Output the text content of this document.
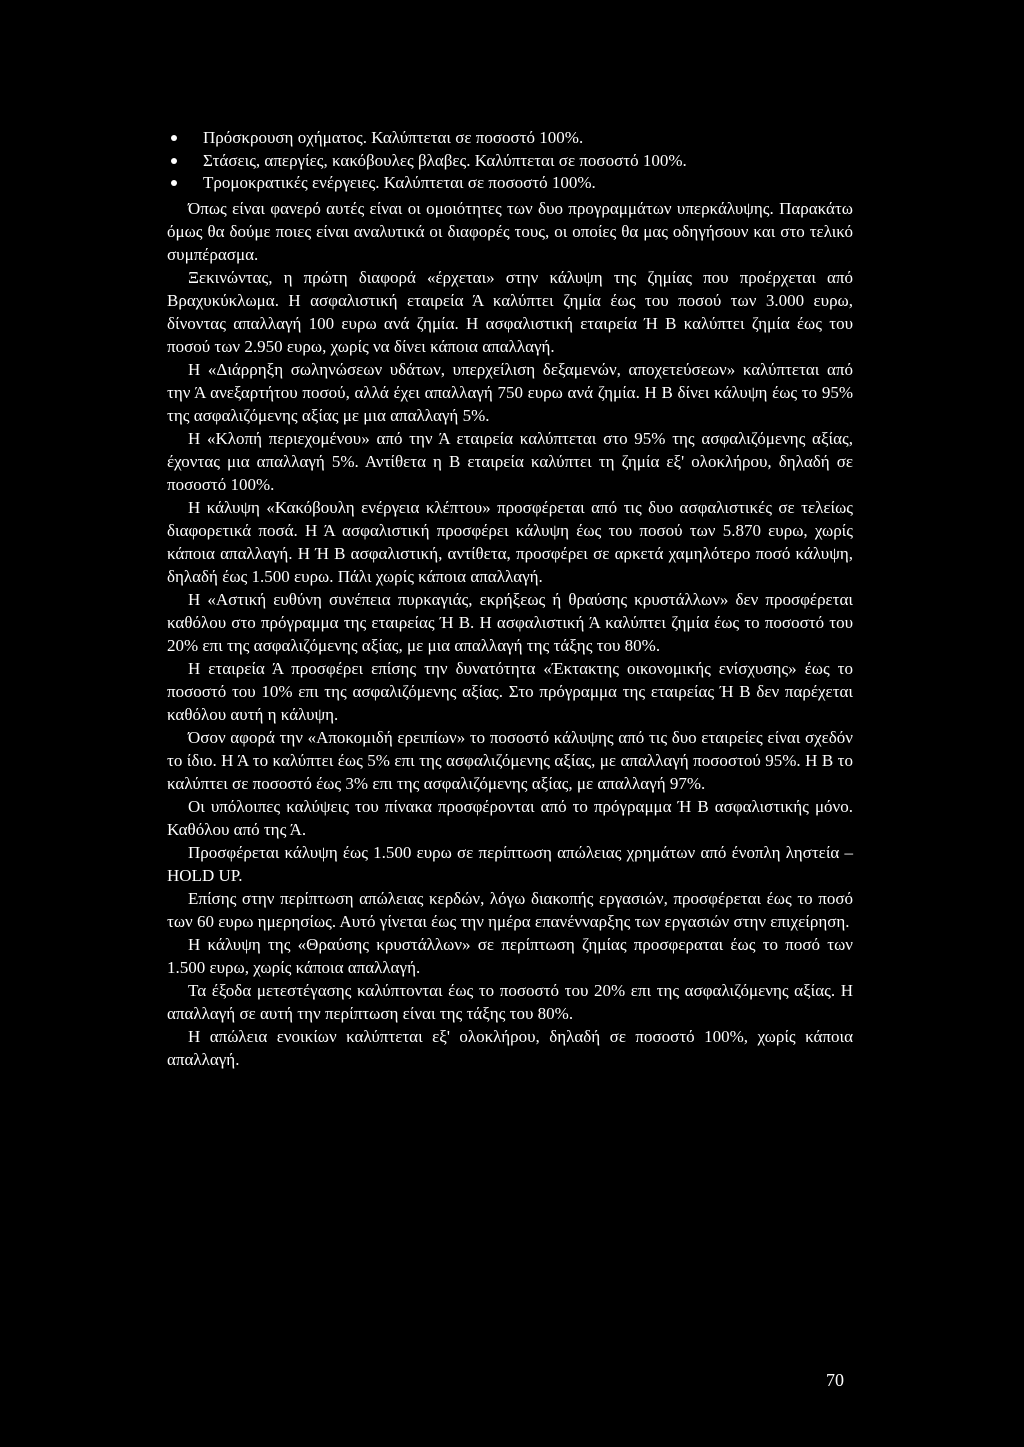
Πρόσκρουση οχήματος. Καλύπτεται σε ποσοστό 100%.
Στάσεις, απεργίες, κακόβουλες βλαβες. Καλύπτεται σε ποσοστό 100%.
Τρομοκρατικές ενέργειες. Καλύπτεται σε ποσοστό 100%.

Όπως είναι φανερό αυτές είναι οι ομοιότητες των δυο προγραμμάτων υπερκάλυψης. Παρακάτω όμως θα δούμε ποιες είναι αναλυτικά οι διαφορές τους, οι οποίες θα μας οδηγήσουν και στο τελικό συμπέρασμα.

Ξεκινώντας, η πρώτη διαφορά «έρχεται» στην κάλυψη της ζημίας που προέρχεται από Βραχυκύκλωμα. Η ασφαλιστική εταιρεία Ά καλύπτει ζημία έως του ποσού των 3.000 ευρω, δίνοντας απαλλαγή 100 ευρω ανά ζημία. Η ασφαλιστική εταιρεία Ή Β καλύπτει ζημία έως του ποσού των 2.950 ευρω, χωρίς να δίνει κάποια απαλλαγή.

Η «Διάρρηξη σωληνώσεων υδάτων, υπερχείλιση δεξαμενών, αποχετεύσεων» καλύπτεται από την Ά ανεξαρτήτου ποσού, αλλά έχει απαλλαγή 750 ευρω ανά ζημία. Η Β δίνει κάλυψη έως το 95% της ασφαλιζόμενης αξίας με μια απαλλαγή 5%.

Η «Κλοπή περιεχομένου» από την Ά εταιρεία καλύπτεται στο 95% της ασφαλιζόμενης αξίας, έχοντας μια απαλλαγή 5%. Αντίθετα η Β εταιρεία καλύπτει τη ζημία εξ' ολοκλήρου, δηλαδή σε ποσοστό 100%.

Η κάλυψη «Κακόβουλη ενέργεια κλέπτου» προσφέρεται από τις δυο ασφαλιστικές σε τελείως διαφορετικά ποσά. Η Ά ασφαλιστική προσφέρει κάλυψη έως του ποσού των 5.870 ευρω, χωρίς κάποια απαλλαγή. Η Ή Β ασφαλιστική, αντίθετα, προσφέρει σε αρκετά χαμηλότερο ποσό κάλυψη, δηλαδή έως 1.500 ευρω. Πάλι χωρίς κάποια απαλλαγή.

Η «Αστική ευθύνη συνέπεια πυρκαγιάς, εκρήξεως ή θραύσης κρυστάλλων» δεν προσφέρεται καθόλου στο πρόγραμμα της εταιρείας Ή Β. Η ασφαλιστική Ά καλύπτει ζημία έως το ποσοστό του 20% επι της ασφαλιζόμενης αξίας, με μια απαλλαγή της τάξης του 80%.

Η εταιρεία Ά προσφέρει επίσης την δυνατότητα «Έκτακτης οικονομικής ενίσχυσης» έως το ποσοστό του 10% επι της ασφαλιζόμενης αξίας. Στο πρόγραμμα της εταιρείας Ή Β δεν παρέχεται καθόλου αυτή η κάλυψη.

Όσον αφορά την «Αποκομιδή ερειπίων» το ποσοστό κάλυψης από τις δυο εταιρείες είναι σχεδόν το ίδιο. Η Ά το καλύπτει έως 5% επι της ασφαλιζόμενης αξίας, με απαλλαγή ποσοστού 95%. Η Β το καλύπτει σε ποσοστό έως 3% επι της ασφαλιζόμενης αξίας, με απαλλαγή 97%.

Οι υπόλοιπες καλύψεις του πίνακα προσφέρονται από το πρόγραμμα Ή Β ασφαλιστικής μόνο. Καθόλου από της Ά.

Προσφέρεται κάλυψη έως 1.500 ευρω σε περίπτωση απώλειας χρημάτων από ένοπλη ληστεία – HOLD UP.

Επίσης στην περίπτωση απώλειας κερδών, λόγω διακοπής εργασιών, προσφέρεται έως το ποσό των 60 ευρω ημερησίως. Αυτό γίνεται έως την ημέρα επανένναρξης των εργασιών στην επιχείρηση.

Η κάλυψη της «Θραύσης κρυστάλλων» σε περίπτωση ζημίας προσφεραται έως το ποσό των 1.500 ευρω, χωρίς κάποια απαλλαγή.

Τα έξοδα μετεστέγασης καλύπτονται έως το ποσοστό του 20% επι της ασφαλιζόμενης αξίας. Η απαλλαγή σε αυτή την περίπτωση είναι της τάξης του 80%.

Η απώλεια ενοικίων καλύπτεται εξ' ολοκλήρου, δηλαδή σε ποσοστό 100%, χωρίς κάποια απαλλαγή.

70
